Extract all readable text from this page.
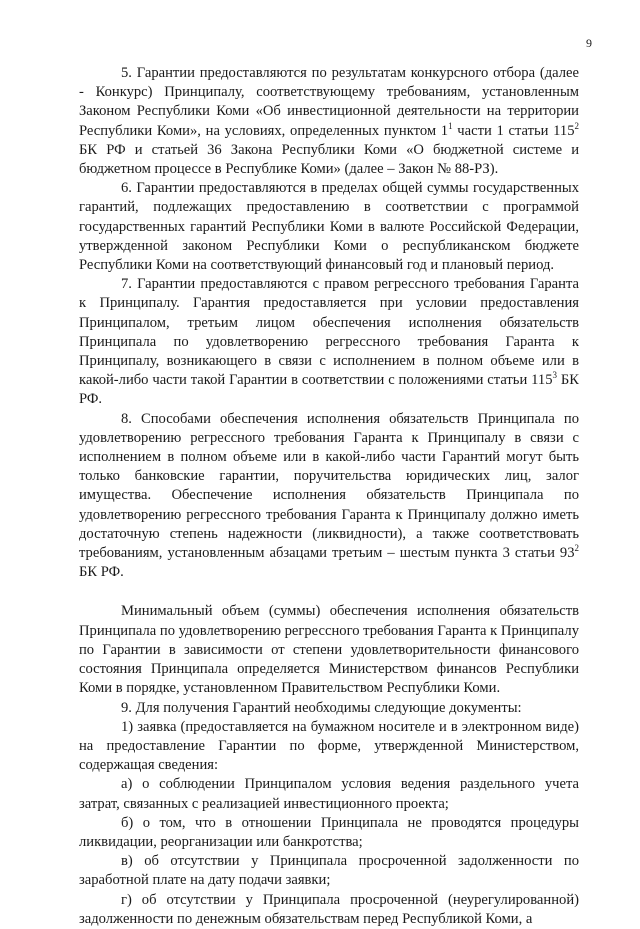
9

5. Гарантии предоставляются по результатам конкурсного отбора (далее - Конкурс) Принципалу, соответствующему требованиям, установленным Законом Республики Коми «Об инвестиционной деятельности на территории Республики Коми», на условиях, определенных пунктом $1^1$ части 1 статьи $115^2$ БК РФ и статьей 36 Закона Республики Коми «О бюджетной системе и бюджетном процессе в Республике Коми» (далее – Закон № 88-РЗ).

6. Гарантии предоставляются в пределах общей суммы государственных гарантий, подлежащих предоставлению в соответствии с программой государственных гарантий Республики Коми в валюте Российской Федерации, утвержденной законом Республики Коми о республиканском бюджете Республики Коми на соответствующий финансовый год и плановый период.

7. Гарантии предоставляются с правом регрессного требования Гаранта к Принципалу. Гарантия предоставляется при условии предоставления Принципалом, третьим лицом обеспечения исполнения обязательств Принципала по удовлетворению регрессного требования Гаранта к Принципалу, возникающего в связи с исполнением в полном объеме или в какой-либо части такой Гарантии в соответствии с положениями статьи $115^3$ БК РФ.

8. Способами обеспечения исполнения обязательств Принципала по удовлетворению регрессного требования Гаранта к Принципалу в связи с исполнением в полном объеме или в какой-либо части Гарантий могут быть только банковские гарантии, поручительства юридических лиц, залог имущества. Обеспечение исполнения обязательств Принципала по удовлетворению регрессного требования Гаранта к Принципалу должно иметь достаточную степень надежности (ликвидности), а также соответствовать требованиям, установленным абзацами третьим – шестым пункта 3 статьи $93^2$ БК РФ.

Минимальный объем (суммы) обеспечения исполнения обязательств Принципала по удовлетворению регрессного требования Гаранта к Принципалу по Гарантии в зависимости от степени удовлетворительности финансового состояния Принципала определяется Министерством финансов Республики Коми в порядке, установленном Правительством Республики Коми.

9. Для получения Гарантий необходимы следующие документы:

1) заявка (предоставляется на бумажном носителе и в электронном виде) на предоставление Гарантии по форме, утвержденной Министерством, содержащая сведения:

а) о соблюдении Принципалом условия ведения раздельного учета затрат, связанных с реализацией инвестиционного проекта;

б) о том, что в отношении Принципала не проводятся процедуры ликвидации, реорганизации или банкротства;

в) об отсутствии у Принципала просроченной задолженности по заработной плате на дату подачи заявки;

г) об отсутствии у Принципала просроченной (неурегулированной) задолженности по денежным обязательствам перед Республикой Коми, а
